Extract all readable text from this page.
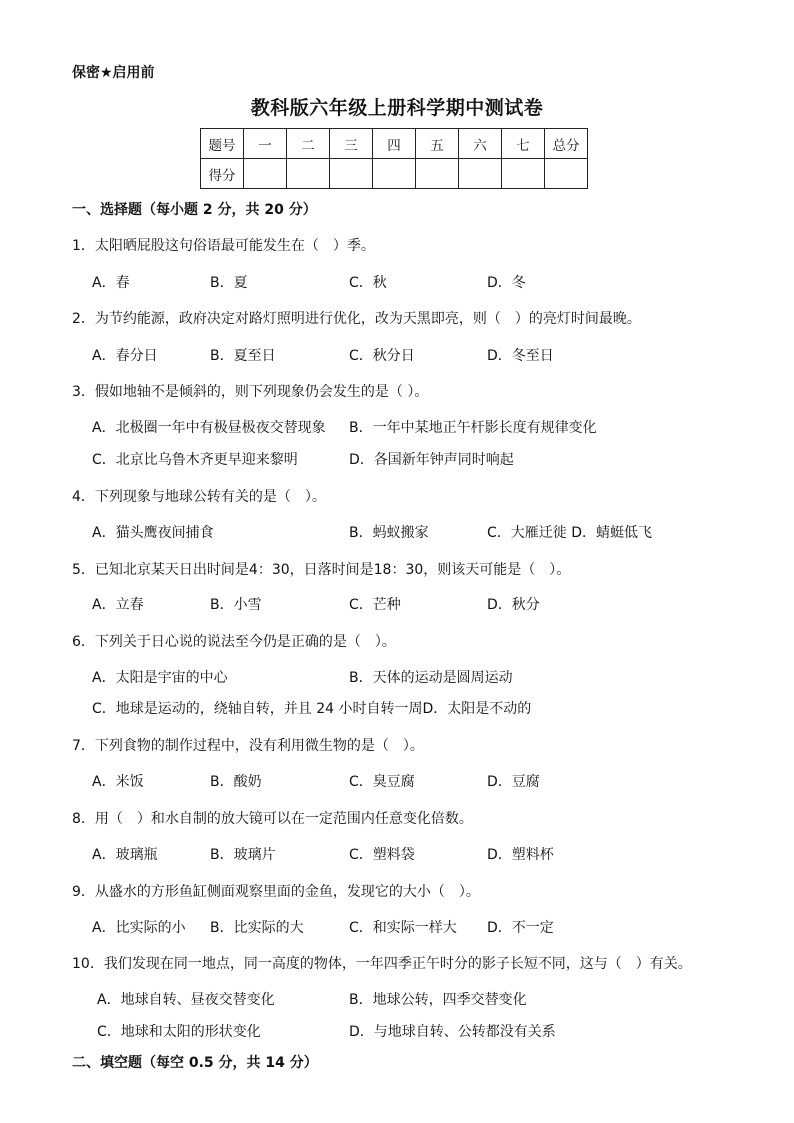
保密★启用前
教科版六年级上册科学期中测试卷
题号	一	二	三	四	五	六	七	总分
得分								
一、选择题（每小题 2 分，共 20 分）
1．太阳晒屁股这句俗语最可能发生在（　）季。
A．春	B．夏	C．秋	D．冬
2．为节约能源，政府决定对路灯照明进行优化，改为天黑即亮，则（　）的亮灯时间最晚。
A．春分日	B．夏至日	C．秋分日	D．冬至日
3．假如地轴不是倾斜的，则下列现象仍会发生的是（ ）。
A．北极圈一年中有极昼极夜交替现象 B．一年中某地正午杆影长度有规律变化
C．北京比乌鲁木齐更早迎来黎明	D．各国新年钟声同时响起
4．下列现象与地球公转有关的是（　）。
A．猫头鹰夜间捕食	B．蚂蚁搬家	C．大雁迁徙 D．蜻蜓低飞
5．已知北京某天日出时间是4：30，日落时间是18：30，则该天可能是（　）。
A．立春	B．小雪	C．芒种	D．秋分
6．下列关于日心说的说法至今仍是正确的是（　）。
A．太阳是宇宙的中心	B．天体的运动是圆周运动
C．地球是运动的，绕轴自转，并且 24 小时自转一周D．太阳是不动的
7．下列食物的制作过程中，没有利用微生物的是（　）。
A．米饭	B．酸奶	C．臭豆腐	D．豆腐
8．用（　）和水自制的放大镜可以在一定范围内任意变化倍数。
A．玻璃瓶	B．玻璃片	C．塑料袋	D．塑料杯
9．从盛水的方形鱼缸侧面观察里面的金鱼，发现它的大小（　）。
A．比实际的小 B．比实际的大	C．和实际一样大 D．不一定
10．我们发现在同一地点，同一高度的物体，一年四季正午时分的影子长短不同，这与（　）有关。
A．地球自转、昼夜交替变化	B．地球公转，四季交替变化
C．地球和太阳的形状变化	D．与地球自转、公转都没有关系
二、填空题（每空 0.5 分，共 14 分）
